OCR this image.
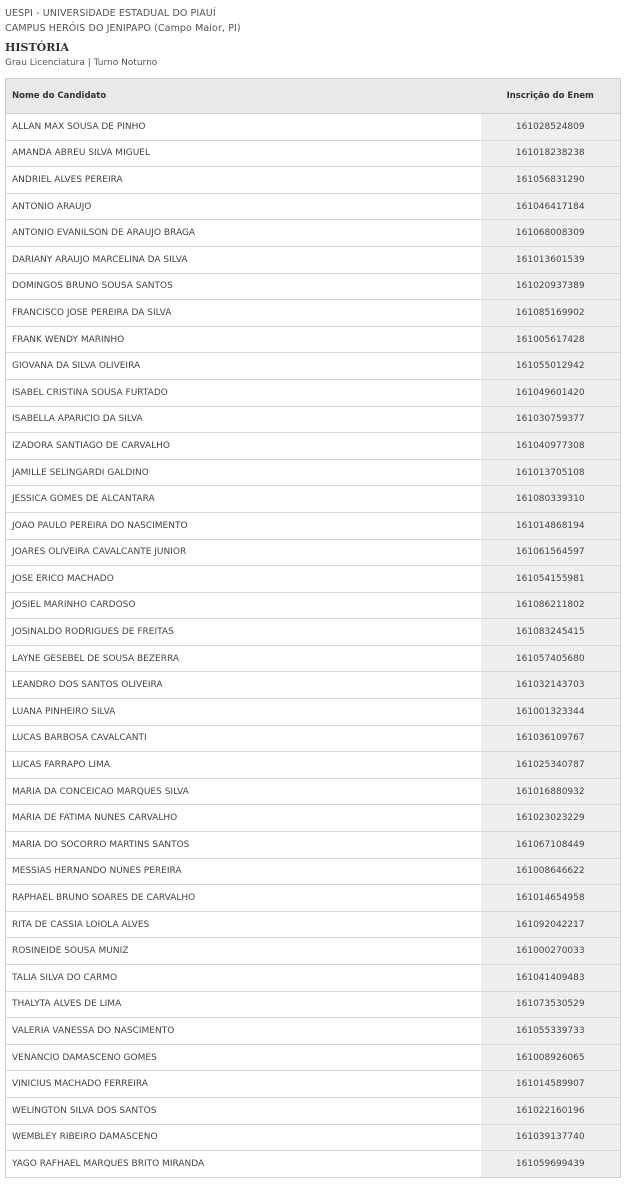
UESPI - UNIVERSIDADE ESTADUAL DO PIAUÍ
CAMPUS HERÓIS DO JENIPAPO (Campo Maior, PI)
HISTÓRIA
Grau Licenciatura | Turno Noturno
Nome do Candidato	Inscrição do Enem
ALLAN MAX SOUSA DE PINHO	161028524809
AMANDA ABREU SILVA MIGUEL	161018238238
ANDRIEL ALVES PEREIRA	161056831290
ANTONIO ARAUJO	161046417184
ANTONIO EVANILSON DE ARAUJO BRAGA	161068008309
DARIANY ARAUJO MARCELINA DA SILVA	161013601539
DOMINGOS BRUNO SOUSA SANTOS	161020937389
FRANCISCO JOSE PEREIRA DA SILVA	161085169902
FRANK WENDY MARINHO	161005617428
GIOVANA DA SILVA OLIVEIRA	161055012942
ISABEL CRISTINA SOUSA FURTADO	161049601420
ISABELLA APARICIO DA SILVA	161030759377
IZADORA SANTIAGO DE CARVALHO	161040977308
JAMILLE SELINGARDI GALDINO	161013705108
JESSICA GOMES DE ALCANTARA	161080339310
JOAO PAULO PEREIRA DO NASCIMENTO	161014868194
JOARES OLIVEIRA CAVALCANTE JUNIOR	161061564597
JOSE ERICO MACHADO	161054155981
JOSIEL MARINHO CARDOSO	161086211802
JOSINALDO RODRIGUES DE FREITAS	161083245415
LAYNE GESEBEL DE SOUSA BEZERRA	161057405680
LEANDRO DOS SANTOS OLIVEIRA	161032143703
LUANA PINHEIRO SILVA	161001323344
LUCAS BARBOSA CAVALCANTI	161036109767
LUCAS FARRAPO LIMA	161025340787
MARIA DA CONCEICAO MARQUES SILVA	161016880932
MARIA DE FATIMA NUNES CARVALHO	161023023229
MARIA DO SOCORRO MARTINS SANTOS	161067108449
MESSIAS HERNANDO NUNES PEREIRA	161008646622
RAPHAEL BRUNO SOARES DE CARVALHO	161014654958
RITA DE CASSIA LOIOLA ALVES	161092042217
ROSINEIDE SOUSA MUNIZ	161000270033
TALIA SILVA DO CARMO	161041409483
THALYTA ALVES DE LIMA	161073530529
VALERIA VANESSA DO NASCIMENTO	161055339733
VENANCIO DAMASCENO GOMES	161008926065
VINICIUS MACHADO FERREIRA	161014589907
WELINGTON SILVA DOS SANTOS	161022160196
WEMBLEY RIBEIRO DAMASCENO	161039137740
YAGO RAFHAEL MARQUES BRITO MIRANDA	161059699439
